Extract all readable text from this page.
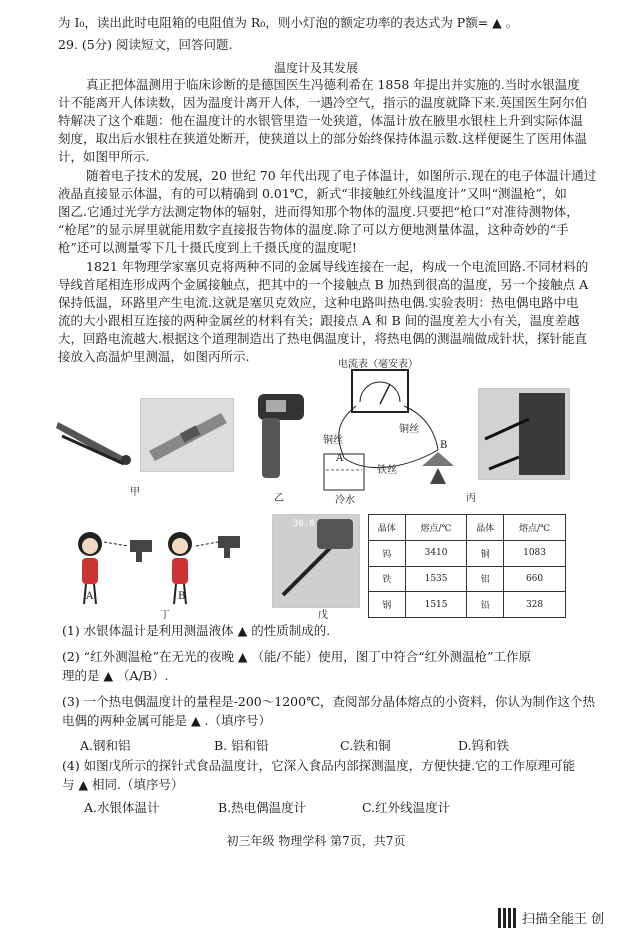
为 I₀，读出此时电阻箱的电阻值为 R₀，则小灯泡的额定功率的表达式为 P额= ▲ 。
29. (5分) 阅读短文，回答问题.
温度计及其发展
真正把体温测用于临床诊断的是德国医生冯德利希在 1858 年提出并实施的.当时水银温度
计不能离开人体读数，因为温度计离开人体，一遇冷空气，指示的温度就降下来.英国医生阿尔伯
特解决了这个难题：他在温度计的水银管里造一处狭道，体温计放在腋里水银柱上升到实际体温
刻度，取出后水银柱在狭道处断开，使狭道以上的部分始终保持体温示数.这样便诞生了医用体温
计，如图甲所示.
随着电子技术的发展，20 世纪 70 年代出现了电子体温计，如图所示.现在的电子体温计通过
液晶直接显示体温，有的可以精确到 0.01℃，新式“非接触红外线温度计”又叫“测温枪”，如
图乙.它通过光学方法测定物体的辐射，进而得知那个物体的温度.只要把“枪口”对准待测物体，
“枪尾”的显示屏里就能用数字直接报告物体的温度.除了可以方便地测量体温，这种奇妙的“手
枪”还可以测量零下几十摄氏度到上千摄氏度的温度呢!
1821 年物理学家塞贝克将两种不同的金属导线连接在一起，构成一个电流回路.不同材料的
导线首尾相连形成两个金属接触点，把其中的一个接触点 B 加热到很高的温度，另一个接触点 A
保持低温，环路里产生电流.这就是塞贝克效应，这种电路叫热电偶.实验表明：热电偶电路中电
流的大小跟相互连接的两种金属丝的材料有关；跟接点 A 和 B 间的温度差大小有关，温度差越
大，回路电流越大.根据这个道理制造出了热电偶温度计，将热电偶的测温端做成针状，探针能直
接放入高温炉里测温，如图丙所示.
甲
乙
电流表（毫安表）
铜丝
铜丝
铁丝
A
B
冷水	丙
A	B
丁
36.8
戊
晶体	熔点/℃	晶体	熔点/℃
钨	3410	铜	1083
铁	1535	铝	660
钢	1515	铅	328
(1) 水银体温计是利用测温液体 ▲ 的性质制成的.
(2) “红外测温枪”在无光的夜晚 ▲ （能/不能）使用，图丁中符合“红外测温枪”工作原
理的是 ▲ （A/B）.
(3) 一个热电偶温度计的量程是-200～1200℃，查阅部分晶体熔点的小资料，你认为制作这个热
电偶的两种金属可能是 ▲ .（填序号）
A.钢和铝	B. 铝和铅	C.铁和铜	D.钨和铁
(4) 如图戊所示的探针式食品温度计，它深入食品内部探测温度，方便快捷.它的工作原理可能
与 ▲ 相同.（填序号）
A.水银体温计	B.热电偶温度计	C.红外线温度计
初三年级 物理学科 第7页，共7页
扫描全能王 创
